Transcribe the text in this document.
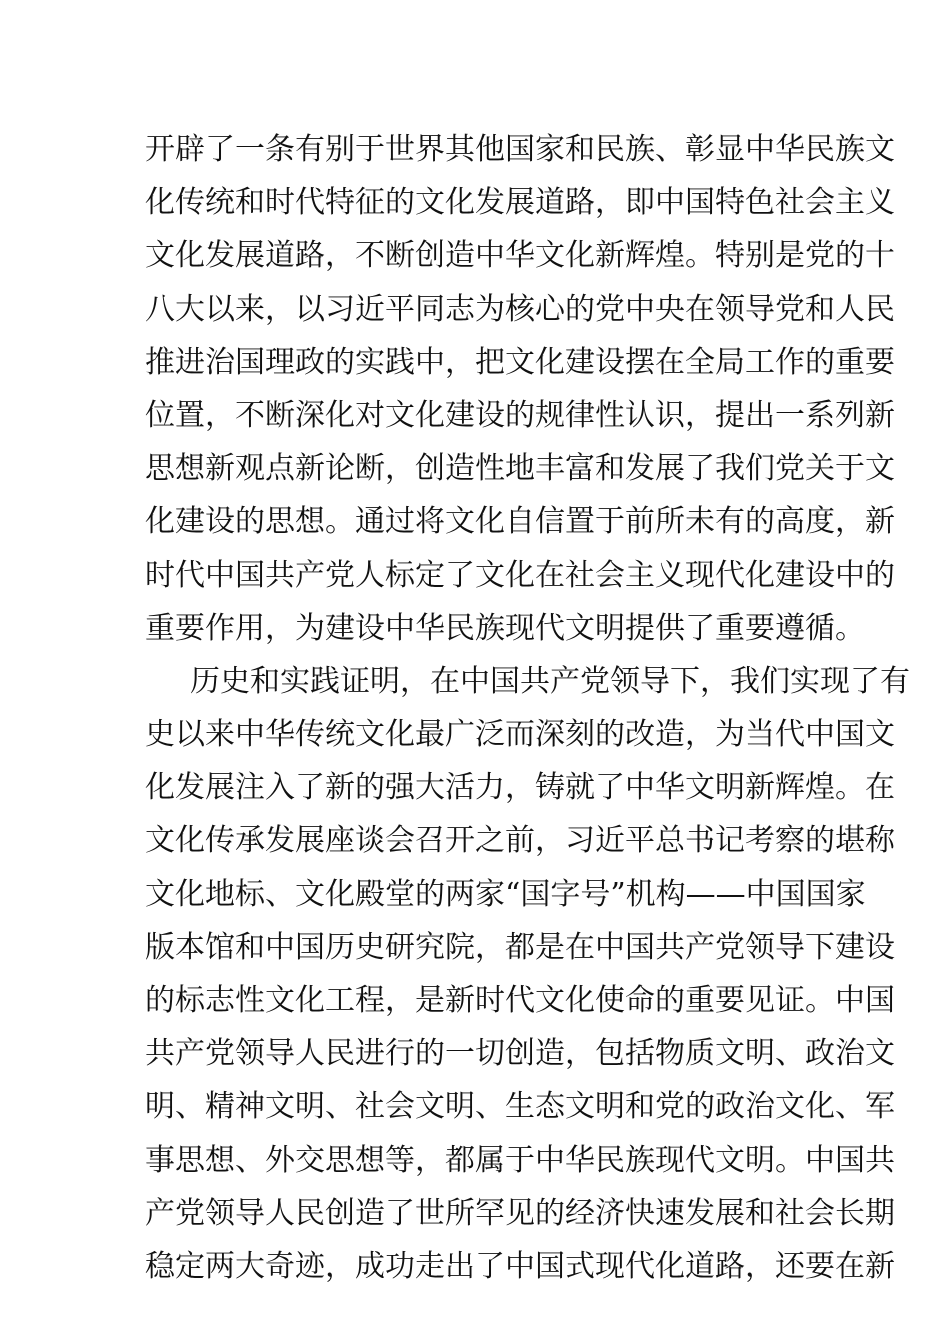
开辟了一条有别于世界其他国家和民族、彰显中华民族文
化传统和时代特征的文化发展道路，即中国特色社会主义
文化发展道路，不断创造中华文化新辉煌。特别是党的十
八大以来，以习近平同志为核心的党中央在领导党和人民
推进治国理政的实践中，把文化建设摆在全局工作的重要
位置，不断深化对文化建设的规律性认识，提出一系列新
思想新观点新论断，创造性地丰富和发展了我们党关于文
化建设的思想。通过将文化自信置于前所未有的高度，新
时代中国共产党人标定了文化在社会主义现代化建设中的
重要作用，为建设中华民族现代文明提供了重要遵循。
历史和实践证明，在中国共产党领导下，我们实现了有
史以来中华传统文化最广泛而深刻的改造，为当代中国文
化发展注入了新的强大活力，铸就了中华文明新辉煌。在
文化传承发展座谈会召开之前，习近平总书记考察的堪称
文化地标、文化殿堂的两家“国字号”机构——中国国家
版本馆和中国历史研究院，都是在中国共产党领导下建设
的标志性文化工程，是新时代文化使命的重要见证。中国
共产党领导人民进行的一切创造，包括物质文明、政治文
明、精神文明、社会文明、生态文明和党的政治文化、军
事思想、外交思想等，都属于中华民族现代文明。中国共
产党领导人民创造了世所罕见的经济快速发展和社会长期
稳定两大奇迹，成功走出了中国式现代化道路，还要在新
